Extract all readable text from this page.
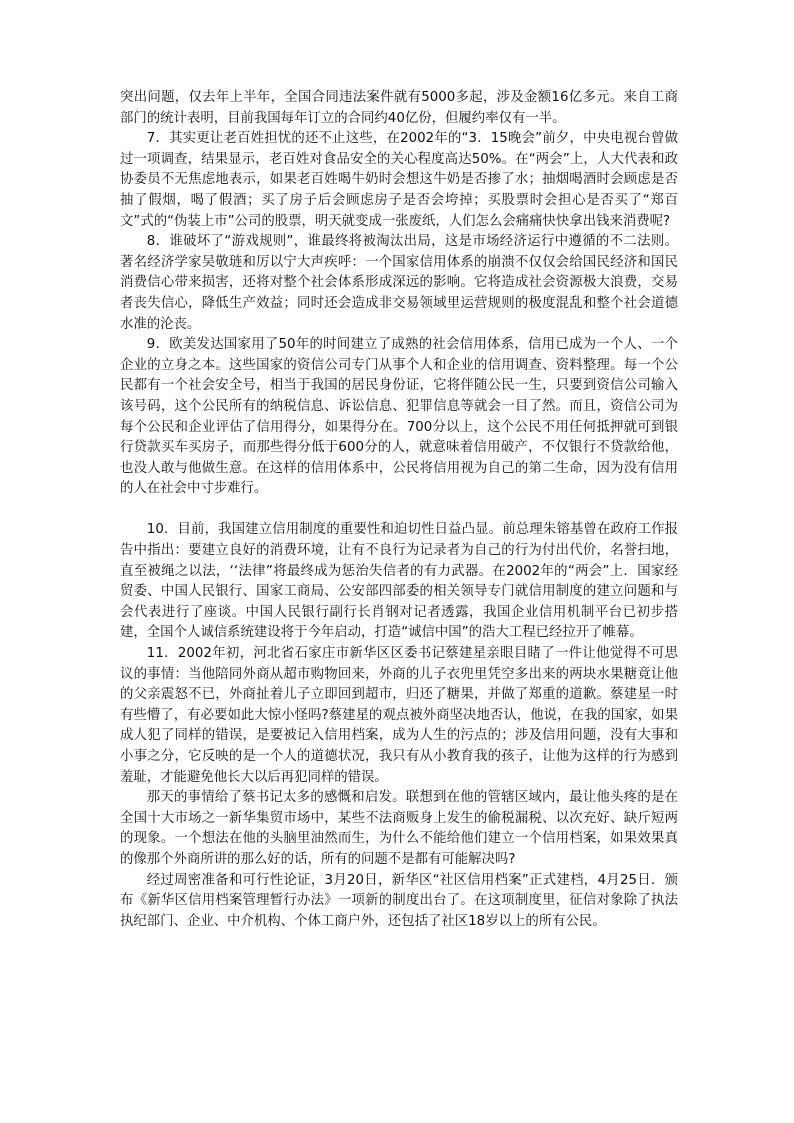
突出问题，仅去年上半年，全国合同违法案件就有5000多起，涉及金额16亿多元。来自工商部门的统计表明，目前我国每年订立的合同约40亿份，但履约率仅有一半。

7．其实更让老百姓担忧的还不止这些，在2002年的“3．15晚会”前夕，中央电视台曾做过一项调查，结果显示，老百姓对食品安全的关心程度高达50%。在“两会”上，人大代表和政协委员不无焦虑地表示，如果老百姓喝牛奶时会想这牛奶是否掺了水；抽烟喝酒时会顾虑是否抽了假烟，喝了假酒；买了房子后会顾虑房子是否会垮掉；买股票时会担心是否买了“郑百文”式的“伪装上市”公司的股票，明天就变成一张废纸，人们怎么会痛痛快快拿出钱来消费呢?

8．谁破坏了“游戏规则”，谁最终将被淘汰出局，这是市场经济运行中遵循的不二法则。著名经济学家吴敬琏和厉以宁大声疾呼：一个国家信用体系的崩溃不仅仅会给国民经济和国民消费信心带来损害，还将对整个社会体系形成深远的影响。它将造成社会资源极大浪费，交易者丧失信心，降低生产效益；同时还会造成非交易领域里运营规则的极度混乱和整个社会道德水准的沦丧。

9．欧美发达国家用了50年的时间建立了成熟的社会信用体系，信用已成为一个人、一个企业的立身之本。这些国家的资信公司专门从事个人和企业的信用调查、资料整理。每一个公民都有一个社会安全号，相当于我国的居民身份证，它将伴随公民一生，只要到资信公司输入该号码，这个公民所有的纳税信息、诉讼信息、犯罪信息等就会一目了然。而且，资信公司为每个公民和企业评估了信用得分，如果得分在。700分以上，这个公民不用任何抵押就可到银行贷款买车买房子，而那些得分低于600分的人，就意味着信用破产，不仅银行不贷款给他，也没人敢与他做生意。在这样的信用体系中，公民将信用视为自己的第二生命，因为没有信用的人在社会中寸步难行。

10．目前，我国建立信用制度的重要性和迫切性日益凸显。前总理朱镕基曾在政府工作报告中指出：要建立良好的消费环境，让有不良行为记录者为自己的行为付出代价，名誉扫地，直至被绳之以法，‘‘法律”将最终成为惩治失信者的有力武器。在2002年的“两会”上．国家经贸委、中国人民银行、国家工商局、公安部四部委的相关领导专门就信用制度的建立问题和与会代表进行了座谈。中国人民银行副行长肖钢对记者透露，我国企业信用机制平台已初步搭建，全国个人诚信系统建设将于今年启动，打造“诚信中国”的浩大工程已经拉开了帷幕。

11．2002年初，河北省石家庄市新华区区委书记蔡建星亲眼目睹了一件让他觉得不可思议的事情：当他陪同外商从超市购物回来，外商的儿子衣兜里凭空多出来的两块水果糖竟让他的父亲震怒不已，外商扯着儿子立即回到超市，归还了糖果，并做了郑重的道歉。蔡建星一时有些懵了，有必要如此大惊小怪吗?蔡建星的观点被外商坚决地否认，他说，在我的国家，如果成人犯了同样的错误，是要被记入信用档案，成为人生的污点的；涉及信用问题，没有大事和小事之分，它反映的是一个人的道德状况，我只有从小教育我的孩子，让他为这样的行为感到羞耻，才能避免他长大以后再犯同样的错误。

那天的事情给了蔡书记太多的感慨和启发。联想到在他的管辖区域内，最让他头疼的是在全国十大市场之一新华集贸市场中，某些不法商贩身上发生的偷税漏税、以次充好、缺斤短两的现象。一个想法在他的头脑里油然而生，为什么不能给他们建立一个信用档案，如果效果真的像那个外商所讲的那么好的话，所有的问题不是都有可能解决吗?

经过周密准备和可行性论证，3月20日，新华区“社区信用档案”正式建档，4月25日．颁布《新华区信用档案管理暂行办法》一项新的制度出台了。在这项制度里，征信对象除了执法执纪部门、企业、中介机构、个体工商户外，还包括了社区18岁以上的所有公民。
